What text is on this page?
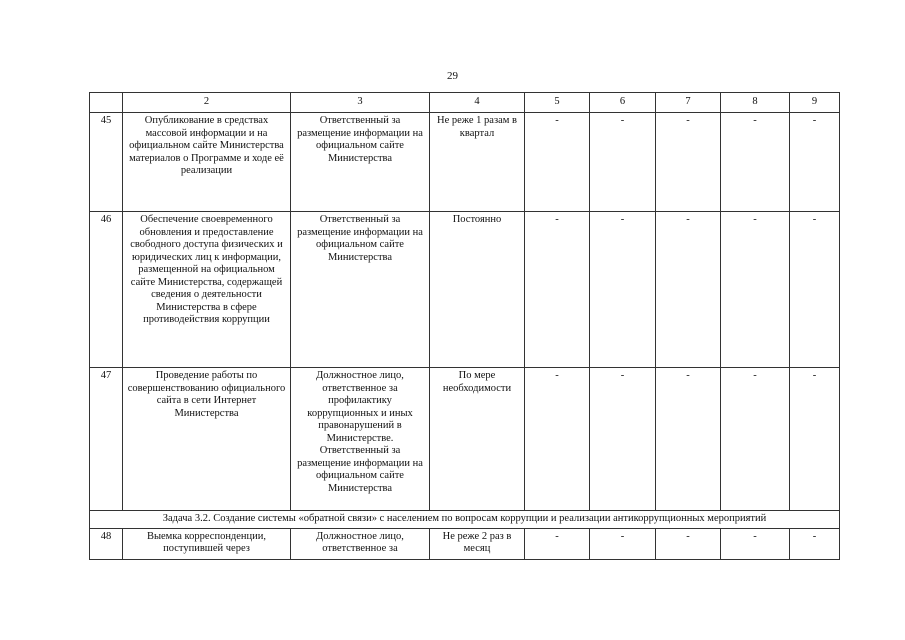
29
	2	3	4	5	6	7	8	9
45	Опубликование в средствах массовой информации и на официальном сайте Министерства материалов о Программе и ходе её реализации	Ответственный за размещение информации на официальном сайте Министерства	Не реже 1 разам в квартал	-	-	-	-	-
46	Обеспечение своевременного обновления и предоставление свободного доступа физических и юридических лиц к информации, размещенной на официальном сайте Министерства, содержащей сведения о деятельности Министерства в сфере противодействия коррупции	Ответственный за размещение информации на официальном сайте Министерства	Постоянно	-	-	-	-	-
47	Проведение работы по совершенствованию официального сайта в сети Интернет Министерства	Должностное лицо, ответственное за профилактику коррупционных и иных правонарушений в Министерстве. Ответственный за размещение информации на официальном сайте Министерства	По мере необходимости	-	-	-	-	-
Задача 3.2. Создание системы «обратной связи» с населением по вопросам коррупции и реализации антикоррупционных мероприятий								
48	Выемка корреспонденции, поступившей через	Должностное лицо, ответственное за	Не реже 2 раз в месяц	-	-	-	-	-
